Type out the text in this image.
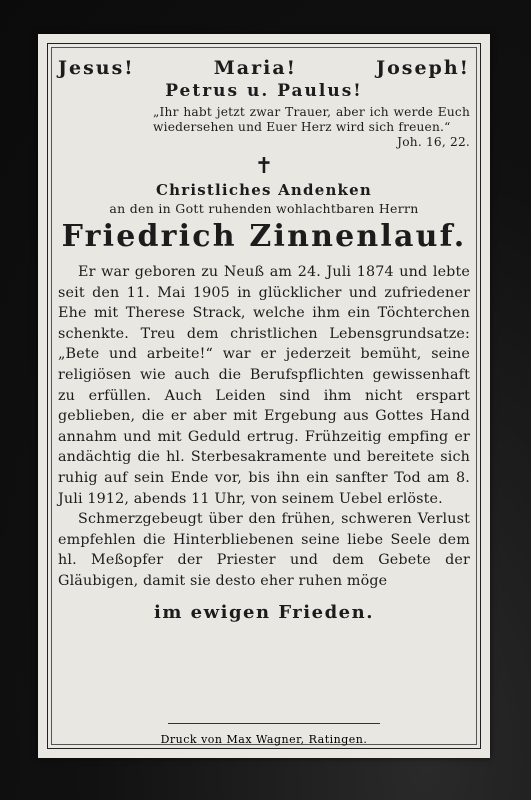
Jesus!	Maria!	Joseph!
Petrus u. Paulus!
„Ihr habt jetzt zwar Trauer, aber ich werde Euch wiedersehen und Euer Herz wird sich freuen.“
Joh. 16, 22.
✝
Christliches Andenken
an den in Gott ruhenden wohlachtbaren Herrn
Friedrich Zinnenlauf.

Er war geboren zu Neuß am 24. Juli 1874 und lebte seit den 11. Mai 1905 in glücklicher und zufriedener Ehe mit Therese Strack, welche ihm ein Töchterchen schenkte. Treu dem christlichen Lebensgrundsatze: „Bete und arbeite!“ war er jederzeit bemüht, seine religiösen wie auch die Berufspflichten gewissenhaft zu erfüllen. Auch Leiden sind ihm nicht erspart geblieben, die er aber mit Ergebung aus Gottes Hand annahm und mit Geduld ertrug. Frühzeitig empfing er andächtig die hl. Sterbesakramente und bereitete sich ruhig auf sein Ende vor, bis ihn ein sanfter Tod am 8. Juli 1912, abends 11 Uhr, von seinem Uebel erlöste.

Schmerzgebeugt über den frühen, schweren Verlust empfehlen die Hinterbliebenen seine liebe Seele dem hl. Meßopfer der Priester und dem Gebete der Gläubigen, damit sie desto eher ruhen möge

im ewigen Frieden.
Druck von Max Wagner, Ratingen.
